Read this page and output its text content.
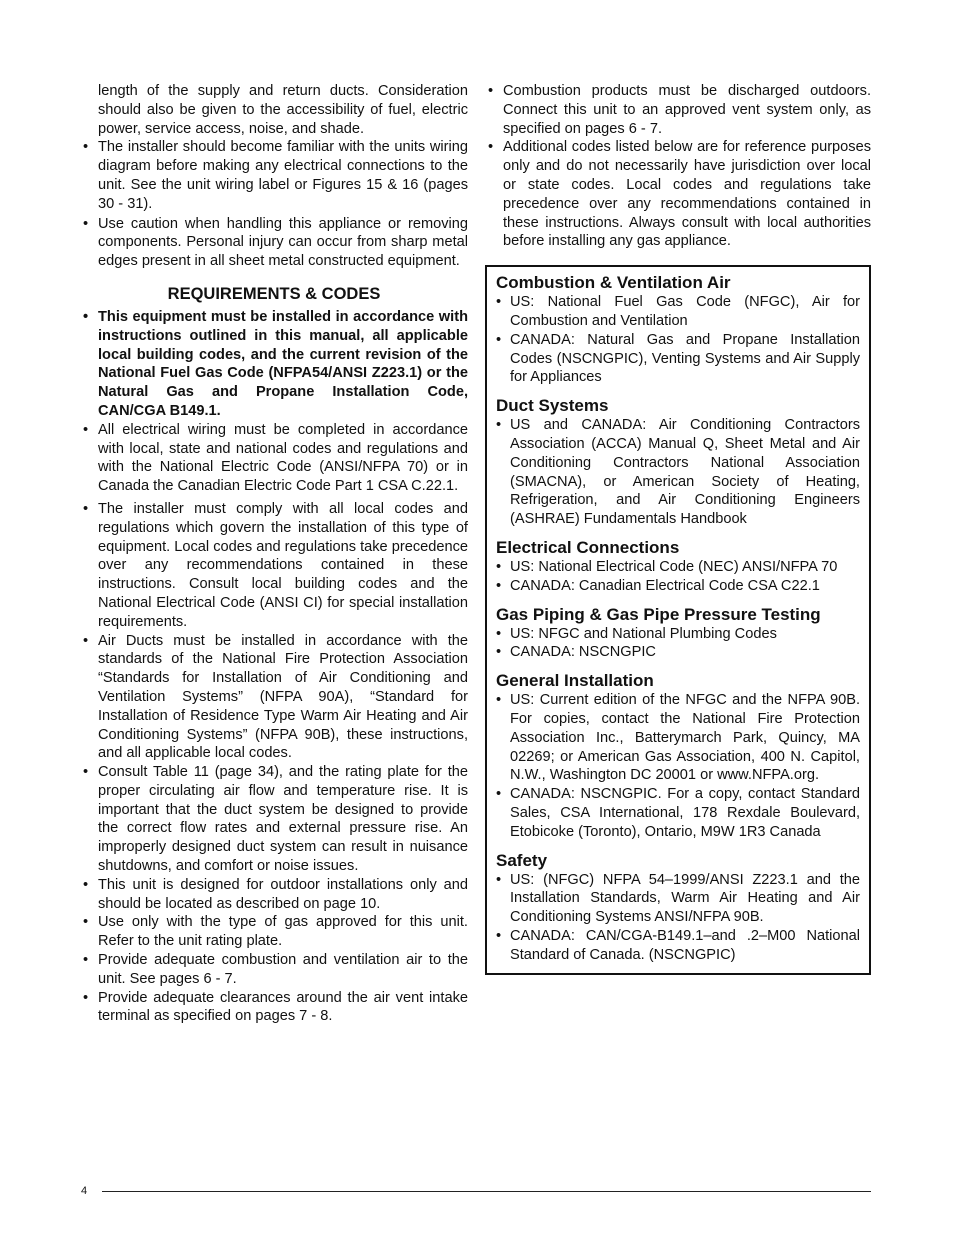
length of the supply and return ducts. Consideration should also be given to the accessibility of fuel, electric power, service access, noise, and shade.

• The installer should become familiar with the units wiring diagram before making any electrical connections to the unit. See the unit wiring label or Figures 15 & 16 (pages 30 - 31).
• Use caution when handling this appliance or removing components. Personal injury can occur from sharp metal edges present in all sheet metal constructed equipment.
REQUIREMENTS & CODES
• This equipment must be installed in accordance with instructions outlined in this manual, all applicable local building codes, and the current revision of the National Fuel Gas Code (NFPA54/ANSI Z223.1) or the Natural Gas and Propane Installation Code, CAN/CGA B149.1.
• All electrical wiring must be completed in accordance with local, state and national codes and regulations and with the National Electric Code (ANSI/NFPA 70) or in Canada the Canadian Electric Code Part 1 CSA C.22.1.
• The installer must comply with all local codes and regulations which govern the installation of this type of equipment. Local codes and regulations take precedence over any recommendations contained in these instructions. Consult local building codes and the National Electrical Code (ANSI CI) for special installation requirements.
• Air Ducts must be installed in accordance with the standards of the National Fire Protection Association “Standards for Installation of Air Conditioning and Ventilation Systems” (NFPA 90A), “Standard for Installation of Residence Type Warm Air Heating and Air Conditioning Systems” (NFPA 90B), these instructions, and all applicable local codes.
• Consult Table 11 (page 34), and the rating plate for the proper circulating air flow and temperature rise. It is important that the duct system be designed to provide the correct flow rates and external pressure rise. An improperly designed duct system can result in nuisance shutdowns, and comfort or noise issues.
• This unit is designed for outdoor installations only and should be located as described on page 10.
• Use only with the type of gas approved for this unit. Refer to the unit rating plate.
• Provide adequate combustion and ventilation air to the unit. See pages 6 - 7.
• Provide adequate clearances around the air vent intake terminal as specified on pages 7 - 8.
• Combustion products must be discharged outdoors. Connect this unit to an approved vent system only, as specified on pages 6 - 7.
• Additional codes listed below are for reference purposes only and do not necessarily have jurisdiction over local or state codes. Local codes and regulations take precedence over any recommendations contained in these instructions. Always consult with local authorities before installing any gas appliance.
Combustion & Ventilation Air
• US: National Fuel Gas Code (NFGC), Air for Combustion and Ventilation
• CANADA: Natural Gas and Propane Installation Codes (NSCNGPIC), Venting Systems and Air Supply for Appliances
Duct Systems
• US and CANADA: Air Conditioning Contractors Association (ACCA) Manual Q, Sheet Metal and Air Conditioning Contractors National Association (SMACNA), or American Society of Heating, Refrigeration, and Air Conditioning Engineers (ASHRAE) Fundamentals Handbook
Electrical Connections
• US: National Electrical Code (NEC) ANSI/NFPA 70
• CANADA: Canadian Electrical Code CSA C22.1
Gas Piping & Gas Pipe Pressure Testing
• US: NFGC and National Plumbing Codes
• CANADA: NSCNGPIC
General Installation
• US: Current edition of the NFGC and the NFPA 90B. For copies, contact the National Fire Protection Association Inc., Batterymarch Park, Quincy, MA 02269; or American Gas Association, 400 N. Capitol, N.W., Washington DC 20001 or www.NFPA.org.
• CANADA: NSCNGPIC. For a copy, contact Standard Sales, CSA International, 178 Rexdale Boulevard, Etobicoke (Toronto), Ontario, M9W 1R3 Canada
Safety
• US: (NFGC) NFPA 54–1999/ANSI Z223.1 and the Installation Standards, Warm Air Heating and Air Conditioning Systems ANSI/NFPA 90B.
• CANADA: CAN/CGA-B149.1–and .2–M00 National Standard of Canada. (NSCNGPIC)
4
